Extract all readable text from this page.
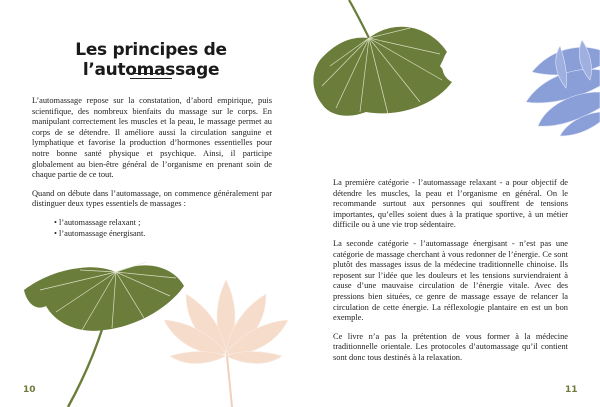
Les principes de l’automassage

L’automassage repose sur la constatation, d’abord empirique, puis scientifique, des nombreux bienfaits du massage sur le corps. En manipulant correctement les muscles et la peau, le massage permet au corps de se détendre. Il améliore aussi la circulation sanguine et lymphatique et favorise la production d’hormones essentielles pour notre bonne santé physique et psychique. Ainsi, il participe globalement au bien-être général de l’organisme en prenant soin de chaque partie de ce tout.

Quand on débute dans l’automassage, on commence généralement par distinguer deux types essentiels de massages :

• l’automassage relaxant ;
• l’automassage énergisant.
10

La première catégorie - l’automassage relaxant - a pour objectif de détendre les muscles, la peau et l’organisme en général. On le recommande surtout aux personnes qui souffrent de tensions importantes, qu’elles soient dues à la pratique sportive, à un métier difficile ou à une vie trop sédentaire.

La seconde catégorie - l’automassage énergisant - n’est pas une catégorie de massage cherchant à vous redonner de l’énergie. Ce sont plutôt des massages issus de la médecine traditionnelle chinoise. Ils reposent sur l’idée que les douleurs et les tensions surviendraient à cause d’une mauvaise circulation de l’énergie vitale. Avec des pressions bien situées, ce genre de massage essaye de relancer la circulation de cette énergie. La réflexologie plantaire en est un bon exemple.

Ce livre n’a pas la prétention de vous former à la médecine traditionnelle orientale. Les protocoles d’automassage qu’il contient sont donc tous destinés à la relaxation.

11
